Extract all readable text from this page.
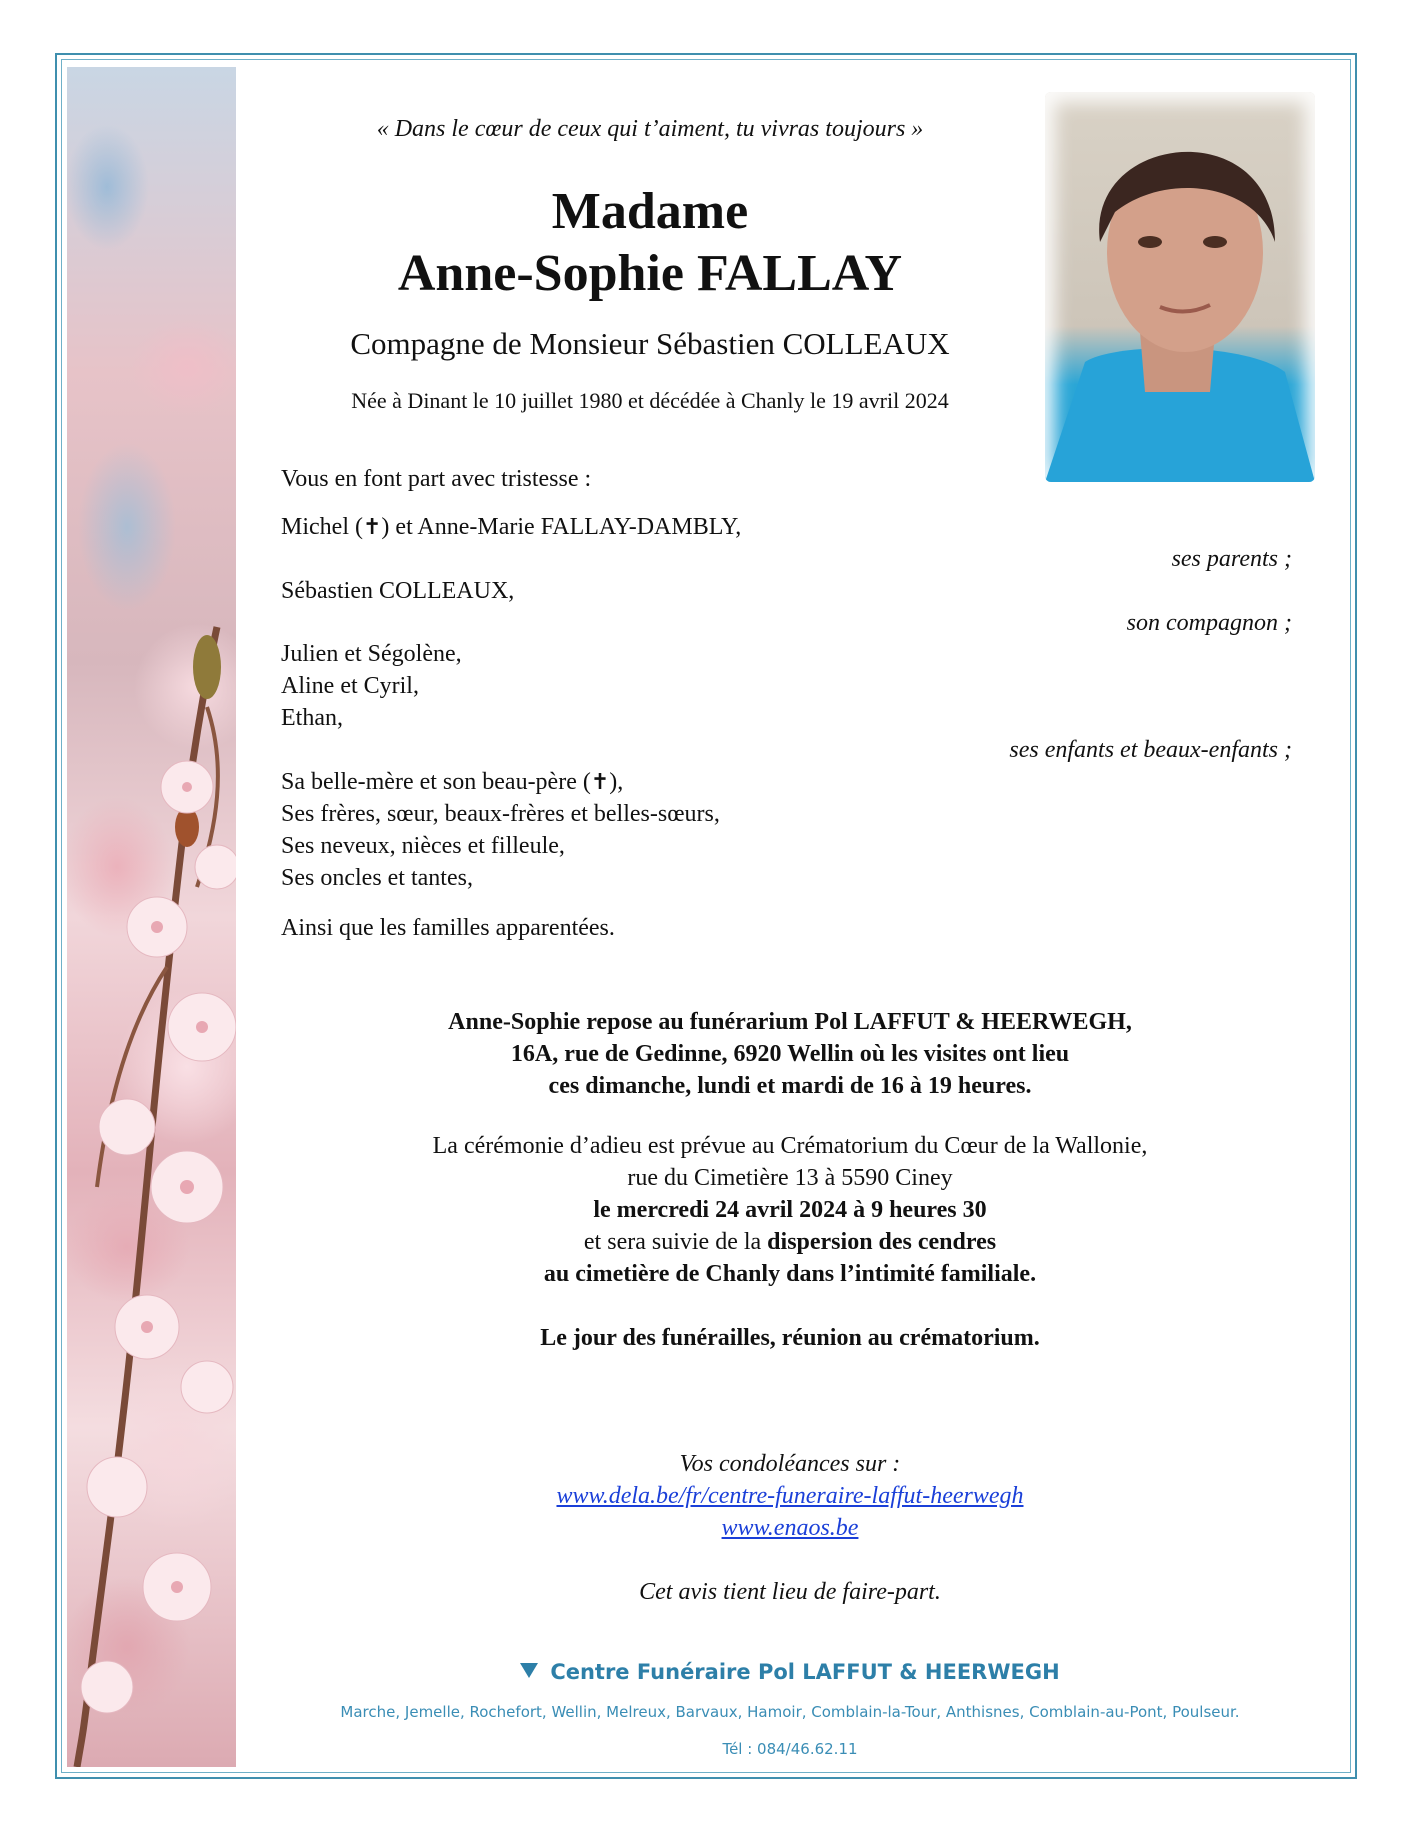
« Dans le cœur de ceux qui t’aiment, tu vivras toujours »
Madame
Anne-Sophie FALLAY
Compagne de Monsieur Sébastien COLLEAUX
Née à Dinant le 10 juillet 1980 et décédée à Chanly le 19 avril 2024
Vous en font part avec tristesse :
Michel (✝) et Anne-Marie FALLAY-DAMBLY,
ses parents ;
Sébastien COLLEAUX,
son compagnon ;
Julien et Ségolène,
Aline et Cyril,
Ethan,
ses enfants et beaux-enfants ;
Sa belle-mère et son beau-père (✝),
Ses frères, sœur, beaux-frères et belles-sœurs,
Ses neveux, nièces et filleule,
Ses oncles et tantes,
Ainsi que les familles apparentées.
Anne-Sophie repose au funérarium Pol LAFFUT & HEERWEGH,
16A, rue de Gedinne, 6920 Wellin où les visites ont lieu
ces dimanche, lundi et mardi de 16 à 19 heures.
La cérémonie d’adieu est prévue au Crématorium du Cœur de la Wallonie,
rue du Cimetière 13 à 5590 Ciney
le mercredi 24 avril 2024 à 9 heures 30
et sera suivie de la dispersion des cendres
au cimetière de Chanly dans l’intimité familiale.
Le jour des funérailles, réunion au crématorium.
Vos condoléances sur :
www.dela.be/fr/centre-funeraire-laffut-heerwegh
www.enaos.be
Cet avis tient lieu de faire-part.
Centre Funéraire Pol LAFFUT & HEERWEGH
Marche, Jemelle, Rochefort, Wellin, Melreux, Barvaux, Hamoir, Comblain-la-Tour, Anthisnes, Comblain-au-Pont, Poulseur.
Tél : 084/46.62.11
